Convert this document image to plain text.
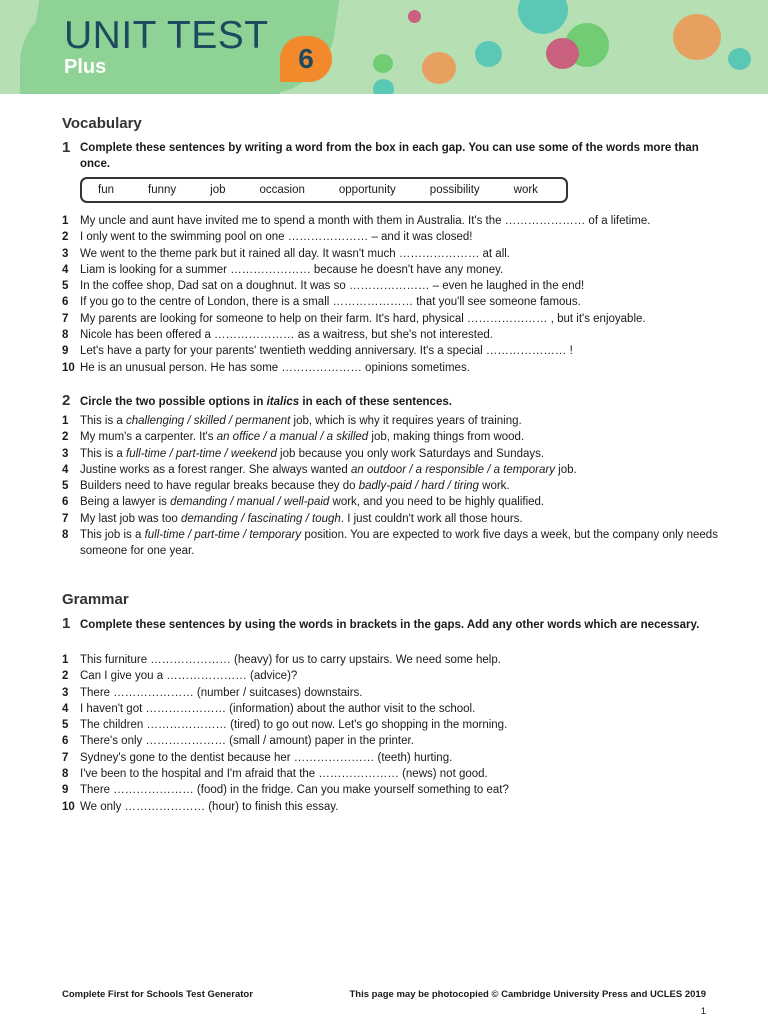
UNIT TEST
Plus	6
Vocabulary
1 Complete these sentences by writing a word from the box in each gap. You can use some of the words more than once.
fun	funny	job	occasion	opportunity	possibility	work
1 My uncle and aunt have invited me to spend a month with them in Australia. It's the ………………… of a lifetime.
2 I only went to the swimming pool on one ………………… – and it was closed!
3 We went to the theme park but it rained all day. It wasn't much ………………… at all.
4 Liam is looking for a summer ………………… because he doesn't have any money.
5 In the coffee shop, Dad sat on a doughnut. It was so ………………… – even he laughed in the end!
6 If you go to the centre of London, there is a small ………………… that you'll see someone famous.
7 My parents are looking for someone to help on their farm. It's hard, physical ………………… , but it's enjoyable.
8 Nicole has been offered a ………………… as a waitress, but she's not interested.
9 Let's have a party for your parents' twentieth wedding anniversary. It's a special ………………… !
10 He is an unusual person. He has some ………………… opinions sometimes.
2 Circle the two possible options in italics in each of these sentences.
1 This is a challenging / skilled / permanent job, which is why it requires years of training.
2 My mum's a carpenter. It's an office / a manual / a skilled job, making things from wood.
3 This is a full-time / part-time / weekend job because you only work Saturdays and Sundays.
4 Justine works as a forest ranger. She always wanted an outdoor / a responsible / a temporary job.
5 Builders need to have regular breaks because they do badly-paid / hard / tiring work.
6 Being a lawyer is demanding / manual / well-paid work, and you need to be highly qualified.
7 My last job was too demanding / fascinating / tough. I just couldn't work all those hours.
8 This job is a full-time / part-time / temporary position. You are expected to work five days a week, but the company only needs someone for one year.
Grammar
1 Complete these sentences by using the words in brackets in the gaps. Add any other words which are necessary.
1 This furniture ………………… (heavy) for us to carry upstairs. We need some help.
2 Can I give you a ………………… (advice)?
3 There ………………… (number / suitcases) downstairs.
4 I haven't got ………………… (information) about the author visit to the school.
5 The children ………………… (tired) to go out now. Let's go shopping in the morning.
6 There's only ………………… (small / amount) paper in the printer.
7 Sydney's gone to the dentist because her ………………… (teeth) hurting.
8 I've been to the hospital and I'm afraid that the ………………… (news) not good.
9 There ………………… (food) in the fridge. Can you make yourself something to eat?
10 We only ………………… (hour) to finish this essay.
Complete First for Schools Test Generator	This page may be photocopied © Cambridge University Press and UCLES 2019
1
